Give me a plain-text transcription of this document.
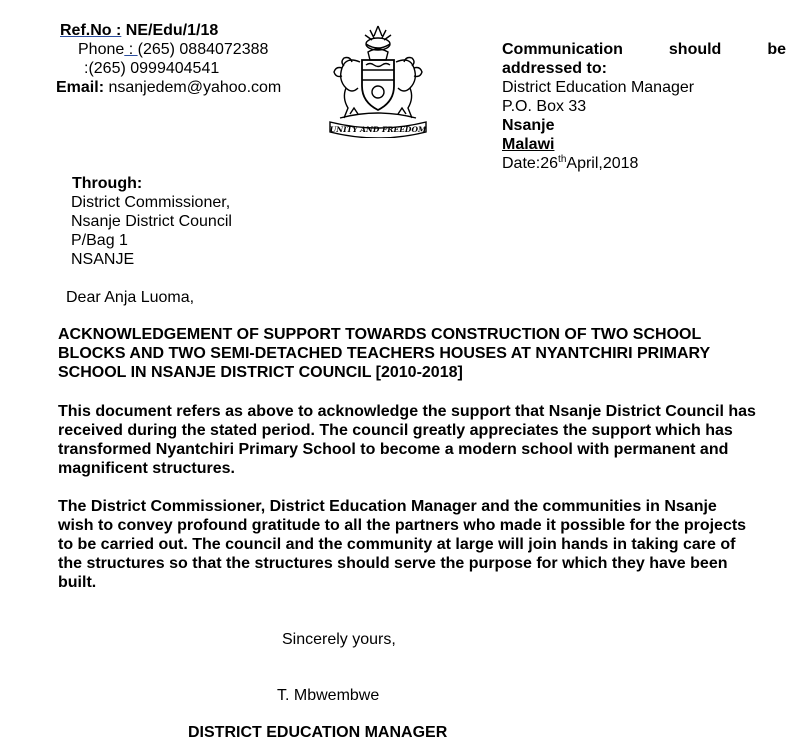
Ref.No : NE/Edu/1/18
Phone : (265) 0884072388
:(265) 0999404541
Email: nsanjedem@yahoo.com
UNITY AND FREEDOM
Communication	should	be
addressed to:
District Education Manager
P.O. Box 33
Nsanje
Malawi
Date:26thApril,2018
Through:
District Commissioner,
Nsanje District Council
P/Bag 1
NSANJE
Dear Anja Luoma,
ACKNOWLEDGEMENT OF SUPPORT TOWARDS CONSTRUCTION OF TWO SCHOOL BLOCKS AND TWO SEMI-DETACHED TEACHERS HOUSES AT NYANTCHIRI PRIMARY SCHOOL IN NSANJE DISTRICT COUNCIL [2010-2018]
This document refers as above to acknowledge the support that Nsanje District Council has received during the stated period. The council greatly appreciates the support which has transformed Nyantchiri Primary School to become a modern school with permanent and magnificent structures.
The District Commissioner, District Education Manager and the communities in Nsanje wish to convey profound gratitude to all the partners who made it possible for the projects to be carried out. The council and the community at large will join hands in taking care of the structures so that the structures should serve the purpose for which they have been built.
Sincerely yours,
T. Mbwembwe
DISTRICT EDUCATION MANAGER
